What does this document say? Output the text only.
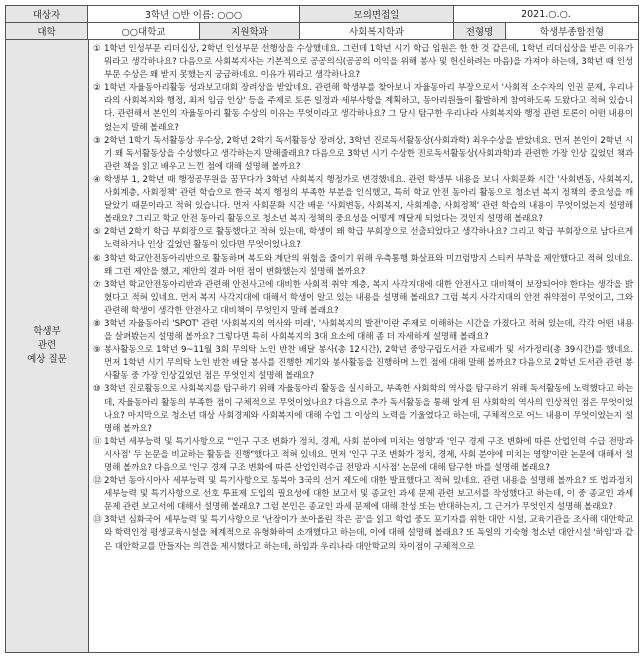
대상자	3학년 ○반 이름: ○○○	모의면접일	2021.○.○.
대학	○○대학교	지원학과	사회복지학과	전형명	학생부종합전형
학생부
관련
예상 질문
① 1학년 인성부문 리더십상, 2학년 인성부문 선행상을 수상했네요. 그런데 1학년 시기 학급 임원은 한 한 것 같은데, 1학년 리더십상을 받은 이유가 뭐라고 생각하나요? 다음으로 사회복지사는 기본적으로 공공의식(공공의 이익을 위해 봉사 및 헌신하려는 마음)을 가져야 하는데, 3학년 때 인성부문 수상은 왜 받지 못했는지 궁금하네요. 이유가 뭐라고 생각하나요?
② 1학년 자율동아리활동 성과보고대회 장려상을 받았네요. 관련해 학생부를 찾아보니 자율동아리 부장으로서 '사회적 소수자의 인권 문제, 우리나라의 사회복지와 행정, 최저 임금 인상' 등을 주제로 토론 일정과 세부사항을 계획하고, 동아리원들이 활발하게 참여하도록 도왔다고 적혀 있습니다. 관련해서 본인의 자율동아리 활동 수상의 이유는 무엇이라고 생각하나요? 그 당시 탐구한 우리나라 사회복지와 행정 관련 토론이 어떤 내용이었는지 말해 볼래요?
③ 2학년 1학기 독서활동상 우수상, 2학년 2학기 독서활동상 장려상, 3학년 진로독서활동상(사회과학) 최우수상을 받았네요. 먼저 본인이 2학년 시기 왜 독서활동상을 수상했다고 생각하는지 말해줄래요? 다음으로 3학년 시기 수상한 진로독서활동상(사회과학)과 관련한 가장 인상 깊었던 책과 관련 책을 읽고 배우고 느낀 점에 대해 설명해 볼까요?
④ 학생부 1, 2학년 때 행정공무원을 꿈꾸다가 3학년 사회복지 행정가로 변경했네요. 관련 학생부 내용을 보니 사회문화 시간 '사회변동, 사회복지, 사회계층, 사회정책' 관련 학습으로 한국 복지 행정의 부족한 부분을 인식했고, 특히 학교 안전 동아리 활동으로 청소년 복지 정책의 중요성을 깨달았기 때문이라고 적혀 있습니다. 먼저 사회문화 시간 배운 '사회변동, 사회복지, 사회계층, 사회정책' 관련 학습의 내용이 무엇이었는지 설명해 볼래요? 그리고 학교 안전 동아리 활동으로 청소년 복지 정책의 중요성을 어떻게 깨달게 되었다는 것인지 설명해 볼래요?
⑤ 2학년 2학기 학급 부회장으로 활동했다고 적혀 있는데, 학생이 왜 학급 부회장으로 선출되었다고 생각하나요? 그리고 학급 부회장으로 남다르게 노력하거나 인상 깊었던 활동이 있다면 무엇이었나요?
⑥ 3학년 학교안전동아리반으로 활동하며 복도와 계단의 위험을 줄이기 위해 우측통행 화살표와 미끄럼방지 스티커 부착을 제안했다고 적혀 있네요. 왜 그런 제안을 했고, 제안의 결과 어떤 점이 변화했는지 설명해 볼까요?
⑦ 3학년 학교안전동아리반과 관련해 안전사고에 대비한 사회적 취약 계층, 복지 사각지대에 대한 안전사고 대비책이 보장되어야 한다는 생각을 밝혔다고 적혀 있네요. 먼저 복지 사각지대에 대해서 학생이 알고 있는 내용을 설명해 볼래요? 그럼 복지 사각지대의 안전 취약점이 무엇이고, 그와 관련해 학생이 생각한 안전사고 대비책이 무엇인지 말해 볼래요?
⑧ 3학년 자율동아리 'SPOT' 관련 '사회복지의 역사와 미래', '사회복지의 발전'이란 주제로 이해하는 시간을 가졌다고 적혀 있는데, 각각 어떤 내용을 살펴봤는지 설명해 볼까요? 그렇다면 특히 사회복지의 3대 요소에 대해 좀 더 자세하게 설명해 볼래요?
⑨ 봉사활동으로 1학년 9~11월 3회 무의탁 노인 반찬 배달 봉사(총 12시간), 2학년 중앙구립도서관 자료배가 및 서가정리(총 39시간)를 했네요. 먼저 1학년 시기 무의탁 노인 반찬 배달 봉사를 진행한 계기와 봉사활동을 진행하며 느낀 점에 대해 말해 볼까요? 다음으로 2학년 도서관 관련 봉사활동 중 가장 인상깊었던 점은 무엇인지 설명해 볼래요?
⑩ 3학년 진로활동으로 사회복지를 탐구하기 위해 자율동아리 활동을 실시하고, 부족한 사회학의 역사를 탐구하기 위해 독서활동에 노력했다고 하는데, 자율동아리 활동의 부족한 점이 구체적으로 무엇이었나요? 다음으로 추가 독서활동을 통해 알게 된 사회학의 역사의 인상적인 점은 무엇이었나요? 마지막으로 청소년 대상 사회경제와 사회복지에 대해 수업 그 이상의 노력을 기울였다고 하는데, 구체적으로 어느 내용이 무엇이었는지 설명해 볼까요?
⑪ 1학년 세부능력 및 특기사항으로 "'인구 구조 변화가 정치, 경제, 사회 분야에 미치는 영향'과 '인구 경제 구조 변화에 따른 산업인력 수급 전망과 시사점' 두 논문을 비교하는 활동을 진행"했다고 적혀 있네요. 먼저 '인구 구조 변화가 정치, 경제, 사회 분야에 미치는 영향'이란 논문에 대해서 설명해 볼까요? 다음으로 '인구 경제 구조 변화에 따른 산업인력수급 전망과 시사점' 논문에 대해 탐구한 바를 설명해 볼래요?
⑫ 2학년 동아시아사 세부능력 및 특기사항으로 동북아 3국의 선거 제도에 대한 발표했다고 적혀 있네요. 관련 내용을 설명해 볼까요? 또 법과정치 세부능력 및 특기사항으로 선호 투표제 도입의 필요성에 대한 보고서 및 종교인 과세 문제 관련 보고서를 작성했다고 하는데, 이 중 종교인 과세 문제 관련 보고서에 대해서 설명해 볼래요? 그럼 본인은 종교인 과세 문제에 대해 찬성 또는 반대하는지, 그 근거가 무엇인지 설명해 볼래요?
⑬ 3학년 심화국어 세부능력 및 특기사항으로 '난장이가 쏘아올린 작은 공'을 읽고 학업 중도 포기자를 위한 대안 시설, 교육기관을 조사해 대안학교와 학력인정 평생교육시설을 체계적으로 유형화하여 소개했다고 하는데, 이에 대해 설명해 볼래요? 또 독일의 기숙형 청소년 대안시설 '하임'과 같은 대안학교를 만들자는 의견을 제시했다고 하는데, 하임과 우리나라 대안학교의 차이점이 구체적으로
